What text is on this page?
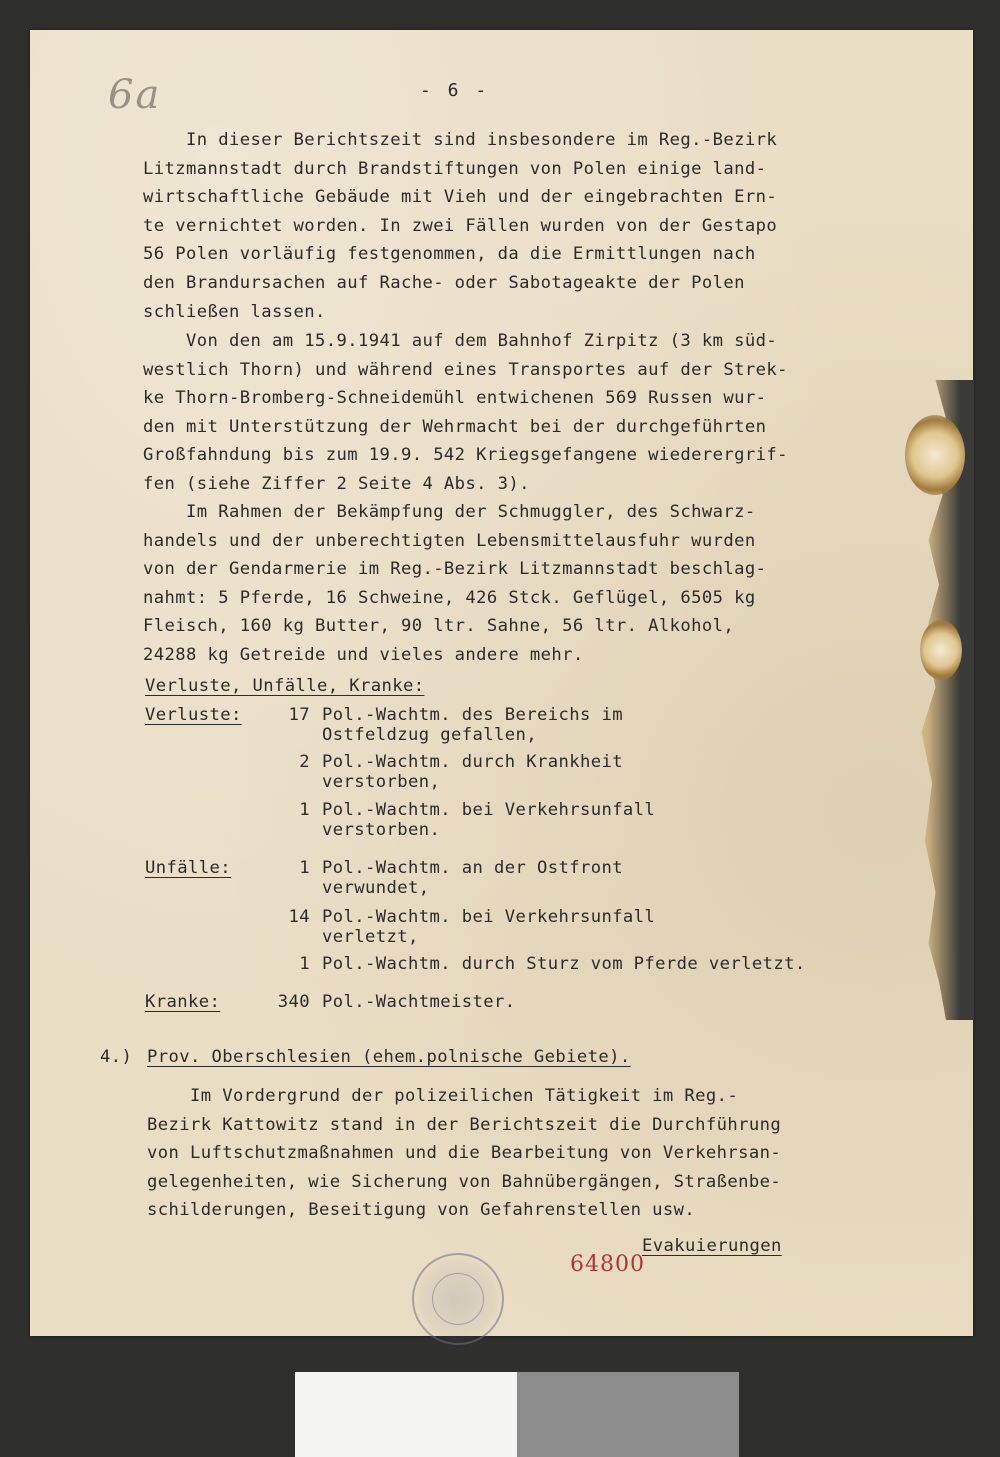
6a	- 6 -

In dieser Berichtszeit sind insbesondere im Reg.-Bezirk
Litzmannstadt durch Brandstiftungen von Polen einige land-
wirtschaftliche Gebäude mit Vieh und der eingebrachten Ern-
te vernichtet worden. In zwei Fällen wurden von der Gestapo
56 Polen vorläufig festgenommen, da die Ermittlungen nach
den Brandursachen auf Rache- oder Sabotageakte der Polen
schließen lassen.

Von den am 15.9.1941 auf dem Bahnhof Zirpitz (3 km süd-
westlich Thorn) und während eines Transportes auf der Strek-
ke Thorn-Bromberg-Schneidemühl entwichenen 569 Russen wur-
den mit Unterstützung der Wehrmacht bei der durchgeführten
Großfahndung bis zum 19.9. 542 Kriegsgefangene wiederergrif-
fen (siehe Ziffer 2 Seite 4 Abs. 3).

Im Rahmen der Bekämpfung der Schmuggler, des Schwarz-
handels und der unberechtigten Lebensmittelausfuhr wurden
von der Gendarmerie im Reg.-Bezirk Litzmannstadt beschlag-
nahmt: 5 Pferde, 16 Schweine, 426 Stck. Geflügel, 6505 kg
Fleisch, 160 kg Butter, 90 ltr. Sahne, 56 ltr. Alkohol,
24288 kg Getreide und vieles andere mehr.

Verluste, Unfälle, Kranke:
Verluste:	17 Pol.-Wachtm. des Bereichs im
Ostfeldzug gefallen,
2 Pol.-Wachtm. durch Krankheit
verstorben,
1 Pol.-Wachtm. bei Verkehrsunfall
verstorben.
Unfälle:	1 Pol.-Wachtm. an der Ostfront
verwundet,
14 Pol.-Wachtm. bei Verkehrsunfall
verletzt,
1 Pol.-Wachtm. durch Sturz vom Pferde verletzt.
Kranke:	340 Pol.-Wachtmeister.
4.) Prov. Oberschlesien (ehem.polnische Gebiete).

Im Vordergrund der polizeilichen Tätigkeit im Reg.-
Bezirk Kattowitz stand in der Berichtszeit die Durchführung
von Luftschutzmaßnahmen und die Bearbeitung von Verkehrsan-
gelegenheiten, wie Sicherung von Bahnübergängen, Straßenbe-
schilderungen, Beseitigung von Gefahrenstellen usw.

Evakuierungen
64800
